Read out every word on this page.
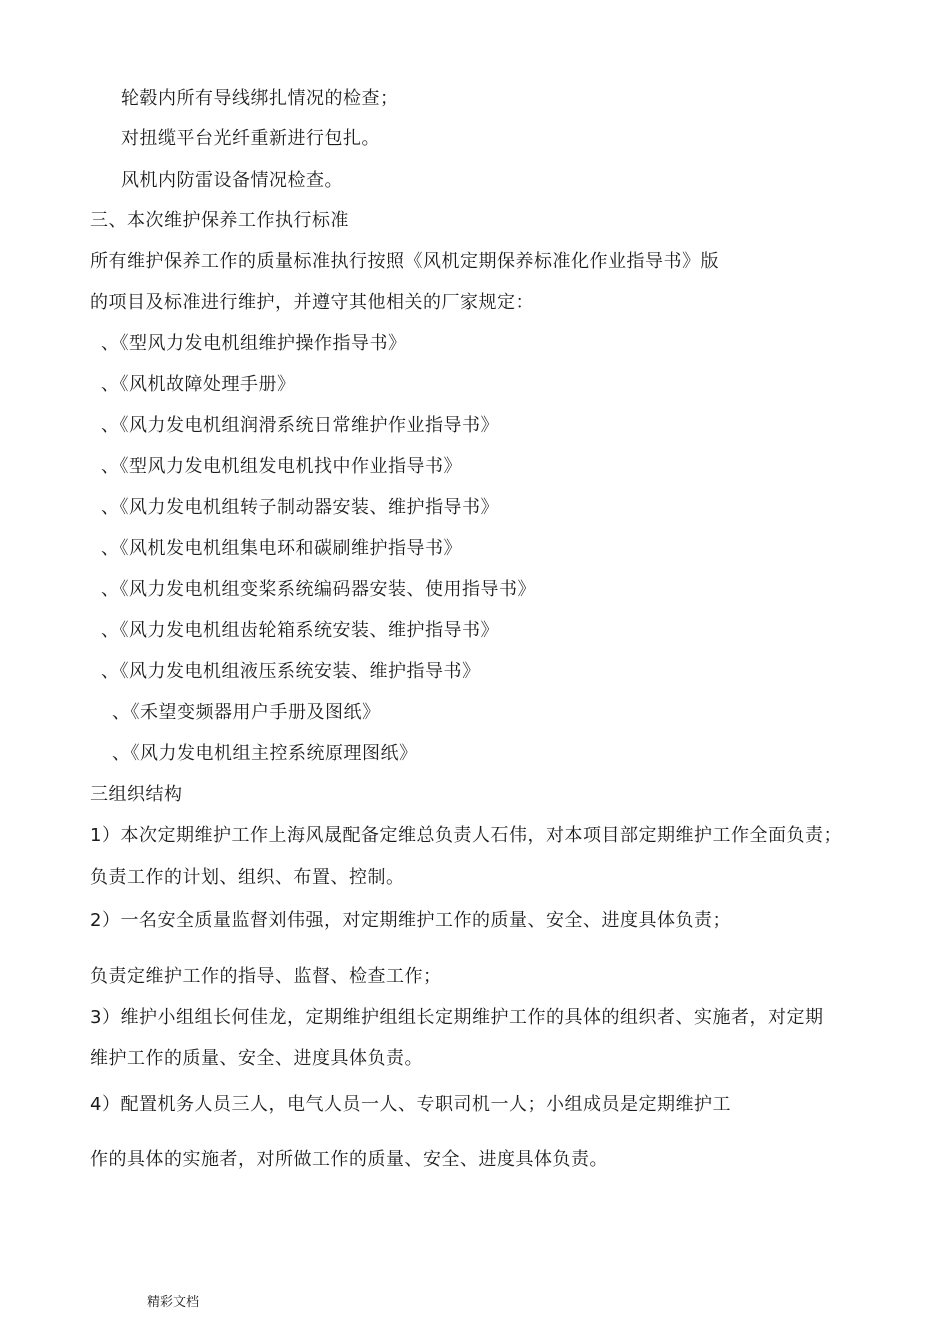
轮毂内所有导线绑扎情况的检查；
对扭缆平台光纤重新进行包扎。
风机内防雷设备情况检查。
三、本次维护保养工作执行标准
所有维护保养工作的质量标准执行按照《风机定期保养标准化作业指导书》版
的项目及标准进行维护，并遵守其他相关的厂家规定：
、《型风力发电机组维护操作指导书》
、《风机故障处理手册》
、《风力发电机组润滑系统日常维护作业指导书》
、《型风力发电机组发电机找中作业指导书》
、《风力发电机组转子制动器安装、维护指导书》
、《风机发电机组集电环和碳刷维护指导书》
、《风力发电机组变桨系统编码器安装、使用指导书》
、《风力发电机组齿轮箱系统安装、维护指导书》
、《风力发电机组液压系统安装、维护指导书》
、《禾望变频器用户手册及图纸》
、《风力发电机组主控系统原理图纸》
三组织结构
1）本次定期维护工作上海风晟配备定维总负责人石伟，对本项目部定期维护工作全面负责；
负责工作的计划、组织、布置、控制。
2）一名安全质量监督刘伟强，对定期维护工作的质量、安全、进度具体负责；
负责定维护工作的指导、监督、检查工作；
3）维护小组组长何佳龙，定期维护组组长定期维护工作的具体的组织者、实施者，对定期
维护工作的质量、安全、进度具体负责。
4）配置机务人员三人，电气人员一人、专职司机一人；小组成员是定期维护工
作的具体的实施者，对所做工作的质量、安全、进度具体负责。
精彩文档
